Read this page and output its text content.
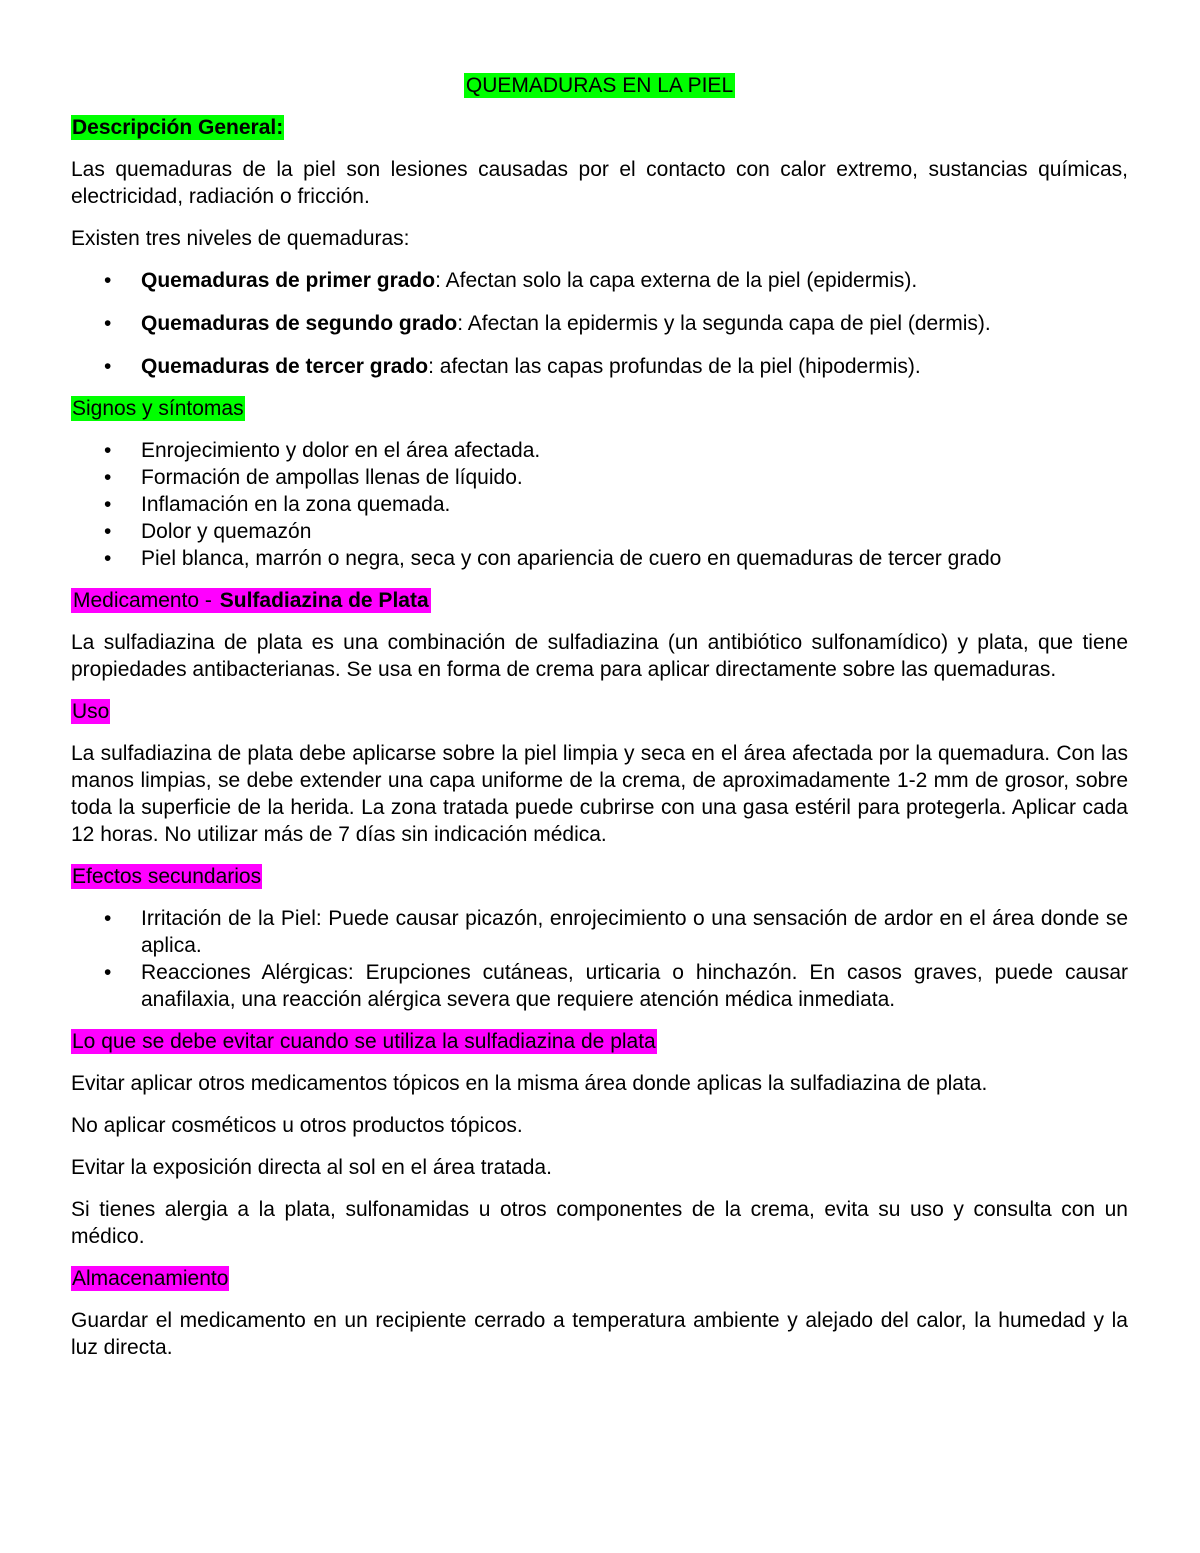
QUEMADURAS EN LA PIEL
Descripción General:

Las quemaduras de la piel son lesiones causadas por el contacto con calor extremo, sustancias químicas, electricidad, radiación o fricción.

Existen tres niveles de quemaduras:

• Quemaduras de primer grado: Afectan solo la capa externa de la piel (epidermis).
• Quemaduras de segundo grado: Afectan la epidermis y la segunda capa de piel (dermis).
• Quemaduras de tercer grado: afectan las capas profundas de la piel (hipodermis).
Signos y síntomas
• Enrojecimiento y dolor en el área afectada.
• Formación de ampollas llenas de líquido.
• Inflamación en la zona quemada.
• Dolor y quemazón
• Piel blanca, marrón o negra, seca y con apariencia de cuero en quemaduras de tercer grado
Medicamento - Sulfadiazina de Plata

La sulfadiazina de plata es una combinación de sulfadiazina (un antibiótico sulfonamídico) y plata, que tiene propiedades antibacterianas. Se usa en forma de crema para aplicar directamente sobre las quemaduras.

Uso

La sulfadiazina de plata debe aplicarse sobre la piel limpia y seca en el área afectada por la quemadura. Con las manos limpias, se debe extender una capa uniforme de la crema, de aproximadamente 1-2 mm de grosor, sobre toda la superficie de la herida. La zona tratada puede cubrirse con una gasa estéril para protegerla. Aplicar cada 12 horas. No utilizar más de 7 días sin indicación médica.

Efectos secundarios
• Irritación de la Piel: Puede causar picazón, enrojecimiento o una sensación de ardor en el área donde se aplica.
• Reacciones Alérgicas: Erupciones cutáneas, urticaria o hinchazón. En casos graves, puede causar anafilaxia, una reacción alérgica severa que requiere atención médica inmediata.
Lo que se debe evitar cuando se utiliza la sulfadiazina de plata

Evitar aplicar otros medicamentos tópicos en la misma área donde aplicas la sulfadiazina de plata.

No aplicar cosméticos u otros productos tópicos.

Evitar la exposición directa al sol en el área tratada.

Si tienes alergia a la plata, sulfonamidas u otros componentes de la crema, evita su uso y consulta con un médico.

Almacenamiento

Guardar el medicamento en un recipiente cerrado a temperatura ambiente y alejado del calor, la humedad y la luz directa.
